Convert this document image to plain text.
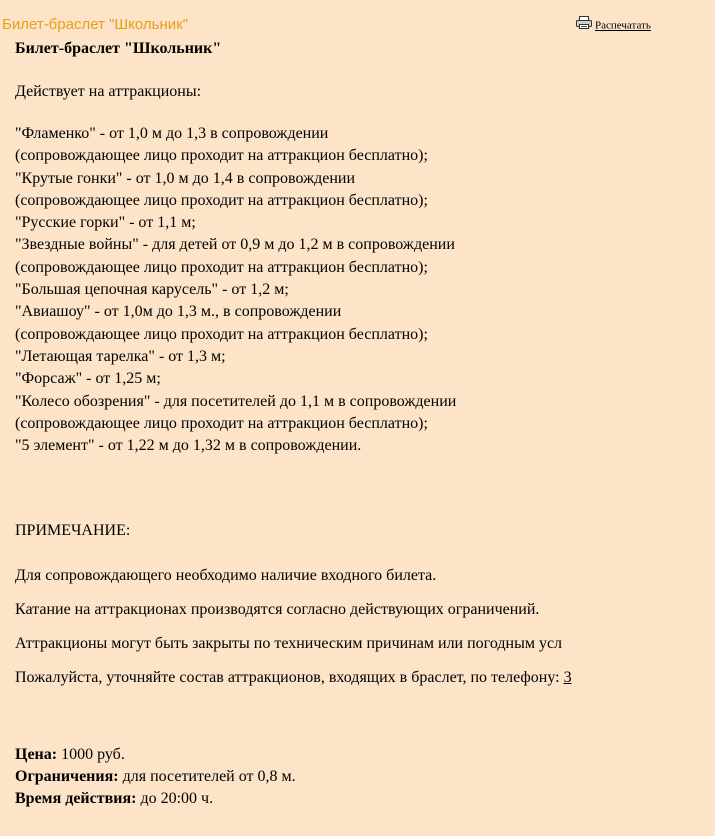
Билет-браслет "Школьник"	Распечатать
Билет-браслет "Школьник"
Действует на аттракционы:
"Фламенко" - от 1,0 м до 1,3 в сопровождении
(сопровождающее лицо проходит на аттракцион бесплатно);
"Крутые гонки" - от 1,0 м до 1,4 в сопровождении
(сопровождающее лицо проходит на аттракцион бесплатно);
"Русские горки" - от 1,1 м;
"Звездные войны" - для детей от 0,9 м до 1,2 м в сопровождении
(сопровождающее лицо проходит на аттракцион бесплатно);
"Большая цепочная карусель" - от 1,2 м;
"Авиашоу" - от 1,0м до 1,3 м., в сопровождении
(сопровождающее лицо проходит на аттракцион бесплатно);
"Летающая тарелка" - от 1,3 м;
"Форсаж" - от 1,25 м;
"Колесо обозрения" - для посетителей до 1,1 м в сопровождении
(сопровождающее лицо проходит на аттракцион бесплатно);
"5 элемент" - от 1,22 м до 1,32 м в сопровождении.
ПРИМЕЧАНИЕ:
Для сопровождающего необходимо наличие входного билета.
Катание на аттракционах производятся согласно действующих ограничений.
Аттракционы могут быть закрыты по техническим причинам или погодным усл
Пожалуйста, уточняйте состав аттракционов, входящих в браслет, по телефону: 3
Цена: 1000 руб.
Ограничения: для посетителей от 0,8 м.
Время действия: до 20:00 ч.
